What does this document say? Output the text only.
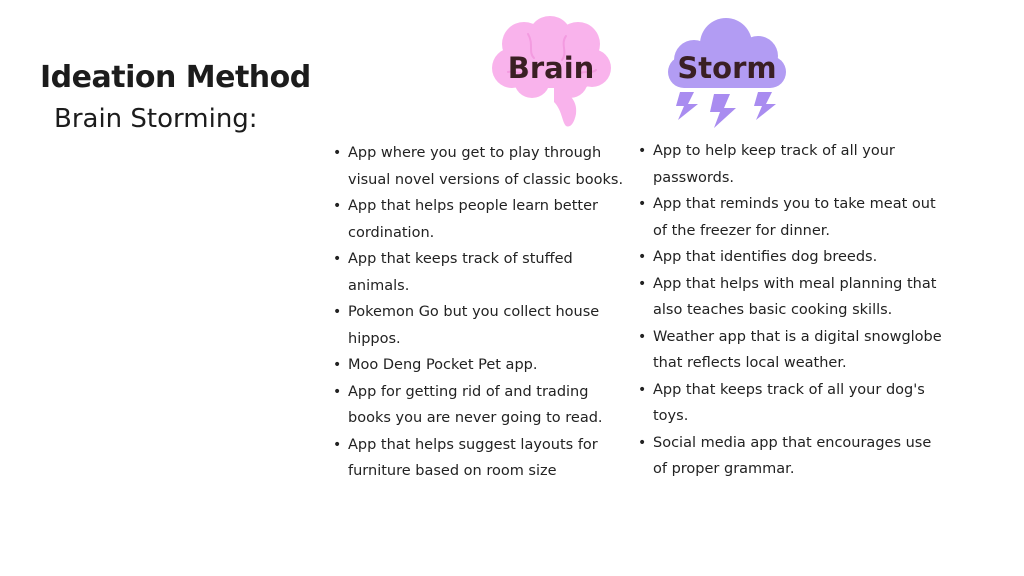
Ideation Method
Brain Storming:
Brain	Storm
• App where you get to play through visual novel versions of classic books.
• App that helps people learn better cordination.
• App that keeps track of stuffed animals.
• Pokemon Go but you collect house hippos.
• Moo Deng Pocket Pet app.
• App for getting rid of and trading books you are never going to read.
• App that helps suggest layouts for furniture based on room size
• App to help keep track of all your passwords.
• App that reminds you to take meat out of the freezer for dinner.
• App that identifies dog breeds.
• App that helps with meal planning that also teaches basic cooking skills.
• Weather app that is a digital snowglobe that reflects local weather.
• App that keeps track of all your dog's toys.
• Social media app that encourages use of proper grammar.
